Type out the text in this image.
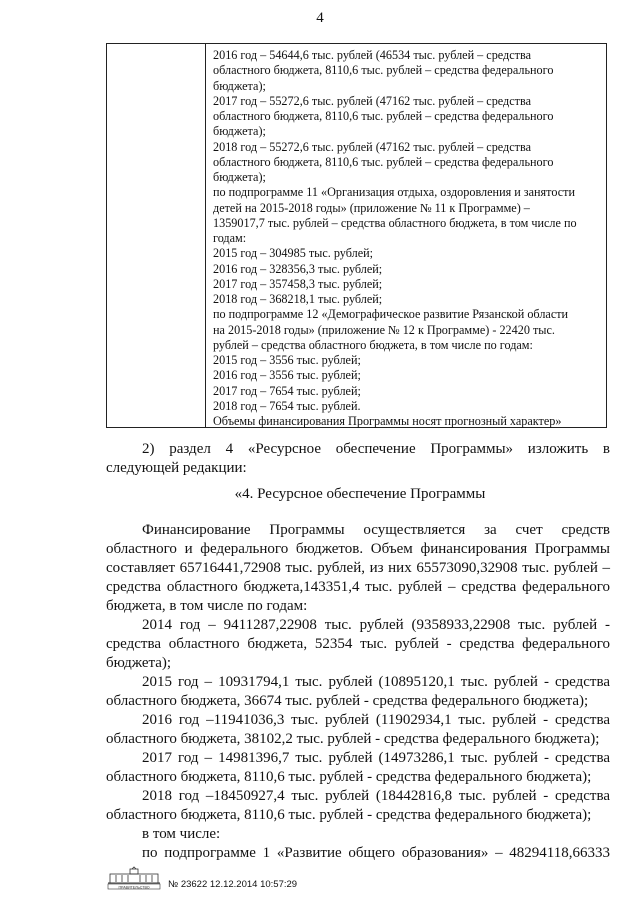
4
2016 год – 54644,6 тыс. рублей (46534 тыс. рублей – средства
областного бюджета, 8110,6 тыс. рублей – средства федерального
бюджета);
2017 год – 55272,6 тыс. рублей (47162 тыс. рублей – средства
областного бюджета, 8110,6 тыс. рублей – средства федерального
бюджета);
2018 год – 55272,6 тыс. рублей (47162 тыс. рублей – средства
областного бюджета, 8110,6 тыс. рублей – средства федерального
бюджета);
по подпрограмме 11 «Организация отдыха, оздоровления и занятости
детей на 2015-2018 годы» (приложение № 11 к Программе) –
1359017,7 тыс. рублей – средства областного бюджета, в том числе по
годам:
2015 год – 304985 тыс. рублей;
2016 год – 328356,3 тыс. рублей;
2017 год – 357458,3 тыс. рублей;
2018 год – 368218,1 тыс. рублей;
по подпрограмме 12 «Демографическое развитие Рязанской области
на 2015-2018 годы» (приложение № 12 к Программе) - 22420 тыс.
рублей – средства областного бюджета, в том числе по годам:
2015 год – 3556 тыс. рублей;
2016 год – 3556 тыс. рублей;
2017 год – 7654 тыс. рублей;
2018 год – 7654 тыс. рублей.
Объемы финансирования Программы носят прогнозный характер»
2) раздел 4 «Ресурсное обеспечение Программы» изложить в
следующей редакции:
«4. Ресурсное обеспечение Программы
Финансирование Программы осуществляется за счет средств
областного и федерального бюджетов. Объем финансирования Программы
составляет 65716441,72908 тыс. рублей, из них 65573090,32908 тыс. рублей –
средства областного бюджета,143351,4 тыс. рублей – средства федерального
бюджета, в том числе по годам:
2014 год – 9411287,22908 тыс. рублей (9358933,22908 тыс. рублей -
средства областного бюджета, 52354 тыс. рублей - средства федерального
бюджета);
2015 год – 10931794,1 тыс. рублей (10895120,1 тыс. рублей - средства
областного бюджета, 36674 тыс. рублей - средства федерального бюджета);
2016 год –11941036,3 тыс. рублей (11902934,1 тыс. рублей - средства
областного бюджета, 38102,2 тыс. рублей - средства федерального бюджета);
2017 год – 14981396,7 тыс. рублей (14973286,1 тыс. рублей - средства
областного бюджета, 8110,6 тыс. рублей - средства федерального бюджета);
2018 год –18450927,4 тыс. рублей (18442816,8 тыс. рублей - средства
областного бюджета, 8110,6 тыс. рублей - средства федерального бюджета);
в том числе:
по подпрограмме 1 «Развитие общего образования» – 48294118,66333
ПРАВИТЕЛЬСТВО № 23622 12.12.2014 10:57:29
